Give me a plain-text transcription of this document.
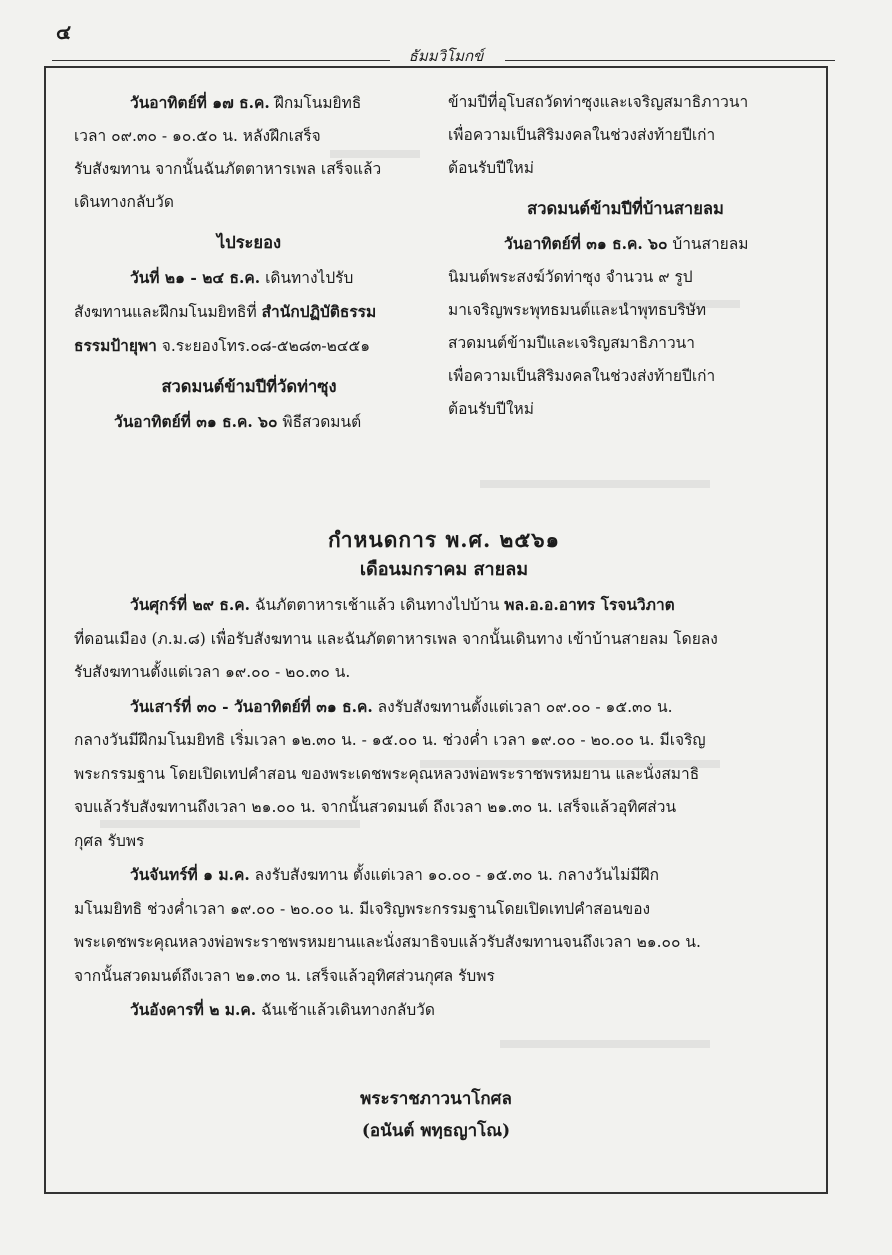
๔
ธัมมวิโมกข์

วันอาทิตย์ที่ ๑๗ ธ.ค. ฝึกมโนมยิทธิ

เวลา ๐๙.๓๐ - ๑๐.๕๐ น. หลังฝึกเสร็จ

รับสังฆทาน จากนั้นฉันภัตตาหารเพล เสร็จแล้ว

เดินทางกลับวัด

ไประยอง

วันที่ ๒๑ - ๒๔ ธ.ค. เดินทางไปรับ

สังฆทานและฝึกมโนมยิทธิที่ สำนักปฏิบัติธรรม

ธรรมป้ายุพา จ.ระยองโทร.๐๘-๕๒๘๓-๒๔๕๑

สวดมนต์ข้ามปีที่วัดท่าซุง

วันอาทิตย์ที่ ๓๑ ธ.ค. ๖๐ พิธีสวดมนต์

ข้ามปีที่อุโบสถวัดท่าซุงและเจริญสมาธิภาวนา

เพื่อความเป็นสิริมงคลในช่วงส่งท้ายปีเก่า

ต้อนรับปีใหม่

สวดมนต์ข้ามปีที่บ้านสายลม

วันอาทิตย์ที่ ๓๑ ธ.ค. ๖๐ บ้านสายลม

นิมนต์พระสงฆ์วัดท่าซุง จำนวน ๙ รูป

มาเจริญพระพุทธมนต์และนำพุทธบริษัท

สวดมนต์ข้ามปีและเจริญสมาธิภาวนา

เพื่อความเป็นสิริมงคลในช่วงส่งท้ายปีเก่า

ต้อนรับปีใหม่

กำหนดการ พ.ศ. ๒๕๖๑

เดือนมกราคม สายลม

วันศุกร์ที่ ๒๙ ธ.ค. ฉันภัตตาหารเช้าแล้ว เดินทางไปบ้าน พล.อ.อ.อาทร โรจนวิภาต

ที่ดอนเมือง (ภ.ม.๘) เพื่อรับสังฆทาน และฉันภัตตาหารเพล จากนั้นเดินทาง เข้าบ้านสายลม โดยลง

รับสังฆทานตั้งแต่เวลา ๑๙.๐๐ - ๒๐.๓๐ น.

วันเสาร์ที่ ๓๐ - วันอาทิตย์ที่ ๓๑ ธ.ค. ลงรับสังฆทานตั้งแต่เวลา ๐๙.๐๐ - ๑๕.๓๐ น.

กลางวันมีฝึกมโนมยิทธิ เริ่มเวลา ๑๒.๓๐ น. - ๑๕.๐๐ น. ช่วงค่ำ เวลา ๑๙.๐๐ - ๒๐.๐๐ น. มีเจริญ

พระกรรมฐาน โดยเปิดเทปคำสอน ของพระเดชพระคุณหลวงพ่อพระราชพรหมยาน และนั่งสมาธิ

จบแล้วรับสังฆทานถึงเวลา ๒๑.๐๐ น. จากนั้นสวดมนต์ ถึงเวลา ๒๑.๓๐ น. เสร็จแล้วอุทิศส่วน

กุศล รับพร

วันจันทร์ที่ ๑ ม.ค. ลงรับสังฆทาน ตั้งแต่เวลา ๑๐.๐๐ - ๑๕.๓๐ น. กลางวันไม่มีฝึก

มโนมยิทธิ ช่วงค่ำเวลา ๑๙.๐๐ - ๒๐.๐๐ น. มีเจริญพระกรรมฐานโดยเปิดเทปคำสอนของ

พระเดชพระคุณหลวงพ่อพระราชพรหมยานและนั่งสมาธิจบแล้วรับสังฆทานจนถึงเวลา ๒๑.๐๐ น.

จากนั้นสวดมนต์ถึงเวลา ๒๑.๓๐ น. เสร็จแล้วอุทิศส่วนกุศล รับพร

วันอังคารที่ ๒ ม.ค. ฉันเช้าแล้วเดินทางกลับวัด

พระราชภาวนาโกศล
(อนันต์ พทฺธญาโณ)
